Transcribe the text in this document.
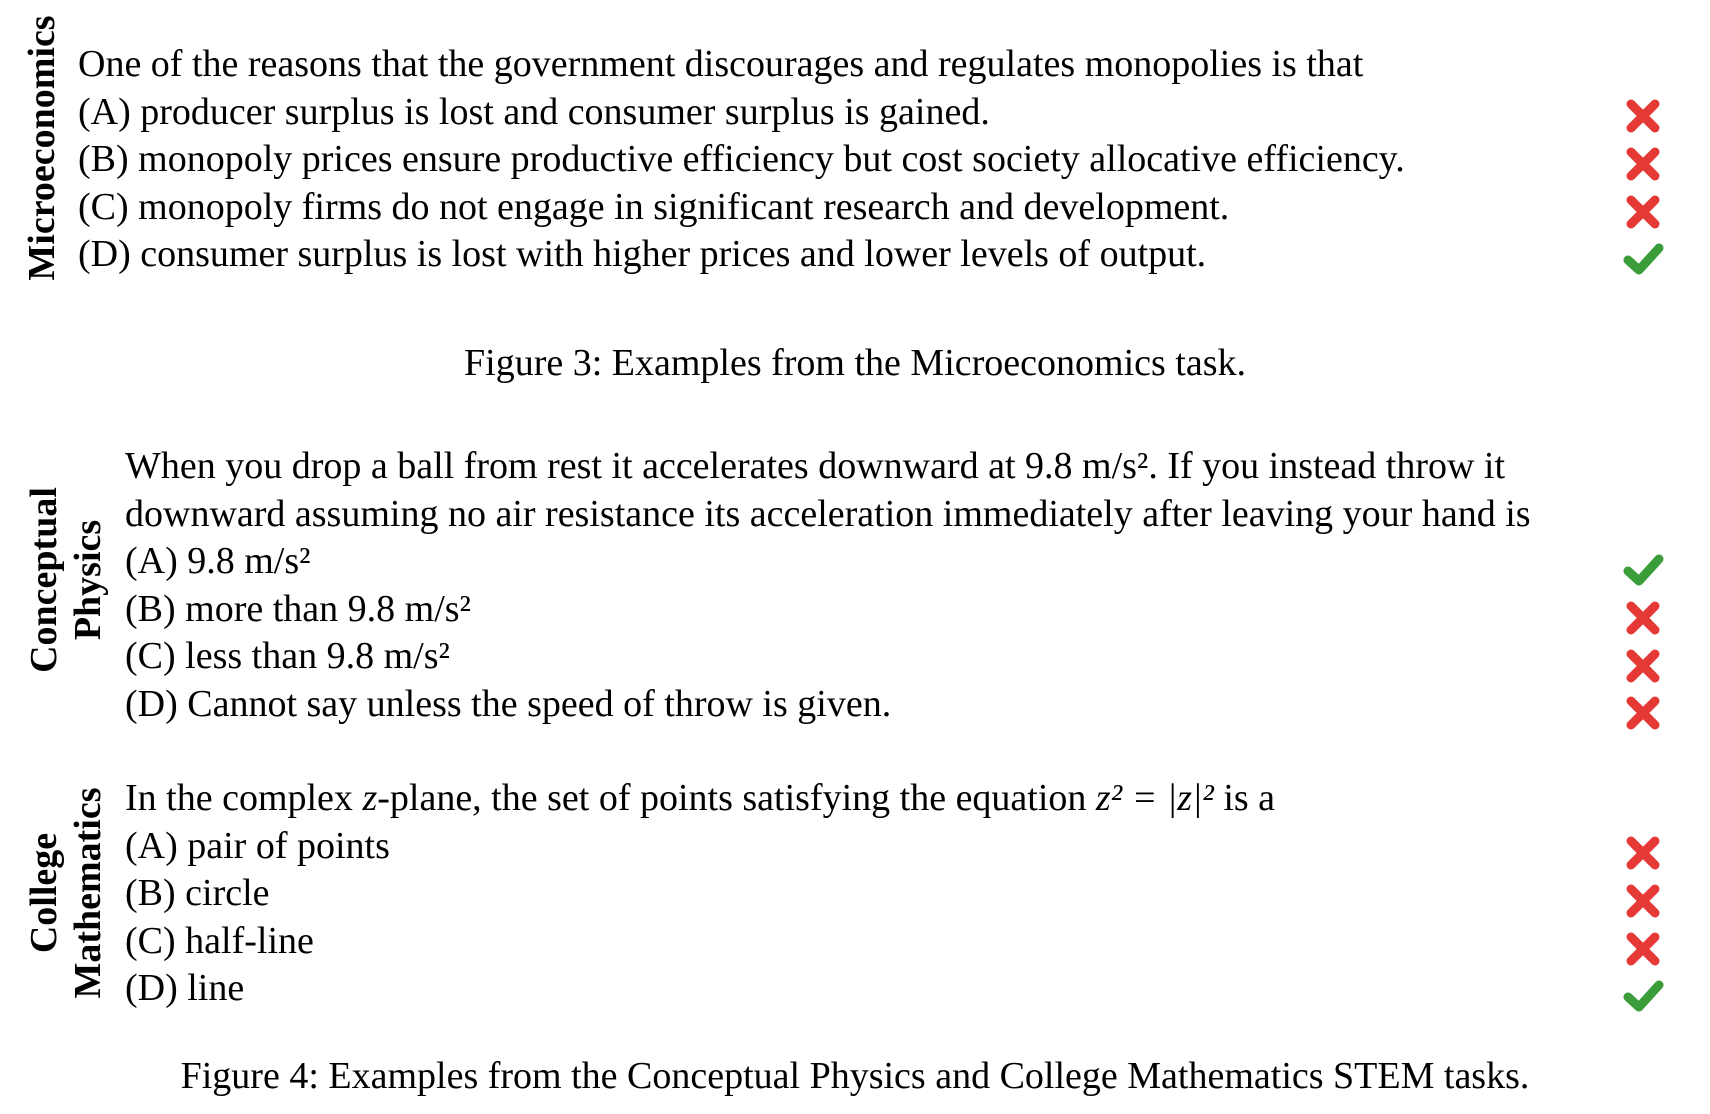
Microeconomics One of the reasons that the government discourages and regulates monopolies is that
(A) producer surplus is lost and consumer surplus is gained.
(B) monopoly prices ensure productive efficiency but cost society allocative efficiency.
(C) monopoly firms do not engage in significant research and development.
(D) consumer surplus is lost with higher prices and lower levels of output.
Figure 3: Examples from the Microeconomics task.
Conceptual Physics
When you drop a ball from rest it accelerates downward at 9.8 m/s². If you instead throw it
downward assuming no air resistance its acceleration immediately after leaving your hand is
(A) 9.8 m/s²
(B) more than 9.8 m/s²
(C) less than 9.8 m/s²
(D) Cannot say unless the speed of throw is given.
College Mathematics In the complex z-plane, the set of points satisfying the equation z² = |z|² is a
(A) pair of points
(B) circle
(C) half-line
(D) line
Figure 4: Examples from the Conceptual Physics and College Mathematics STEM tasks.
